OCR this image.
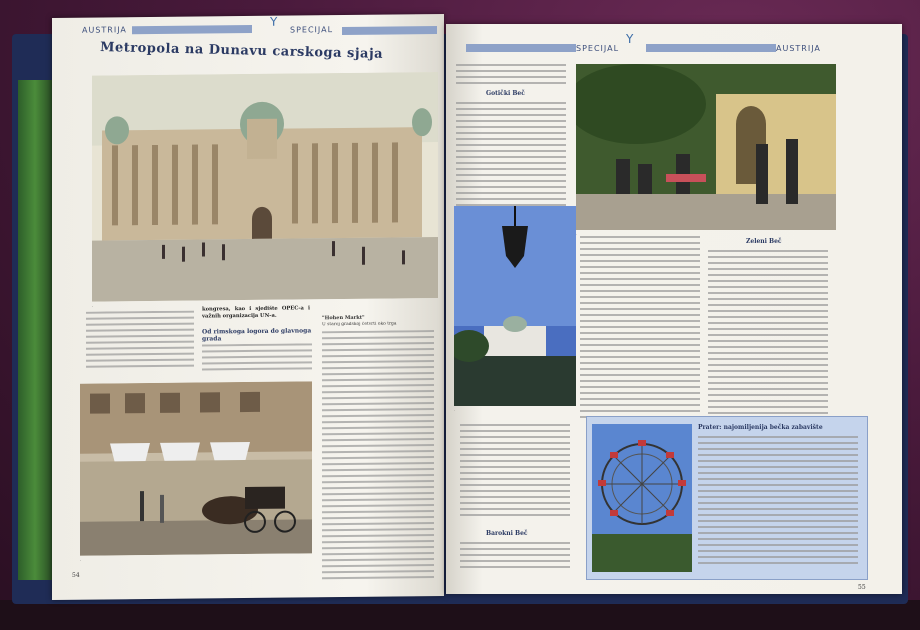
AUSTRIJA
Y
SPECIJAL
Metropola na Dunavu carskoga sjaja
·	kongresa, kao i sjedište OPEC-a i važnih organizacija UN-a.
Od rimskoga logora do glavnoga grada
"Hohen Markt"
U staroj gradskoj četvrti oko trga
·
54
SPECIJAL
Y
AUSTRIJA
Gotički Beč
·
·
Barokni Beč
Zeleni Beč
Prater: najomiljenija bečka zabavište
55
